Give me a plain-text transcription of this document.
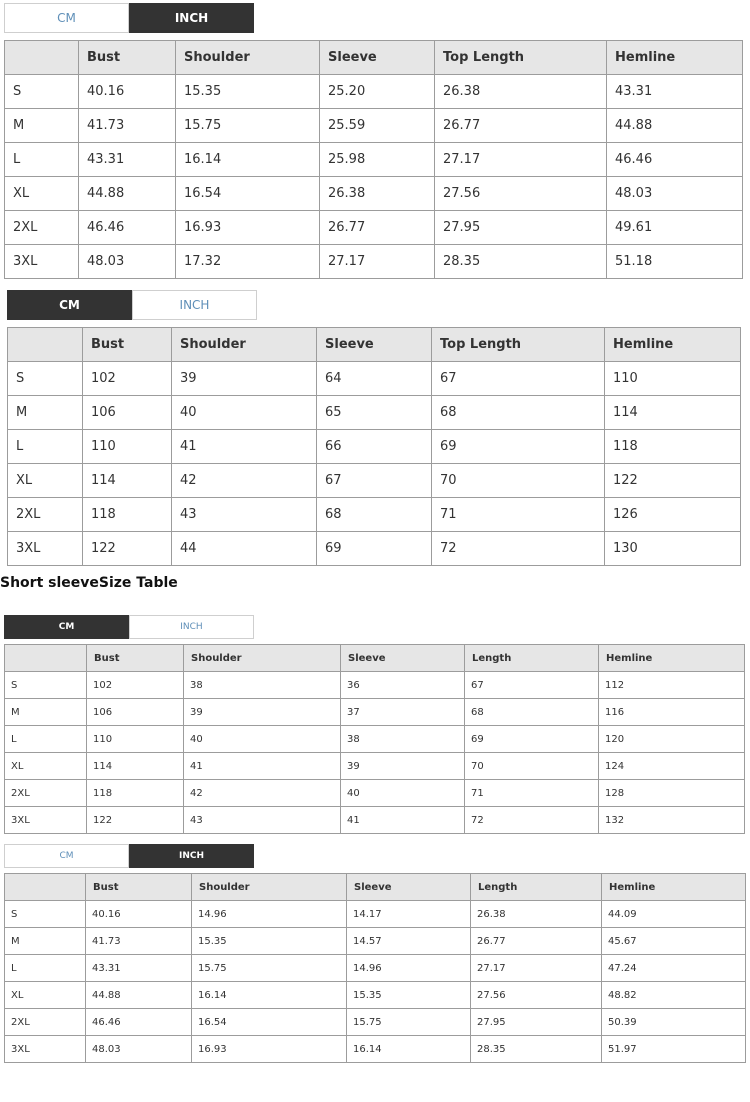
CM	INCH
	Bust	Shoulder	Sleeve	Top Length	Hemline
S	40.16	15.35	25.20	26.38	43.31
M	41.73	15.75	25.59	26.77	44.88
L	43.31	16.14	25.98	27.17	46.46
XL	44.88	16.54	26.38	27.56	48.03
2XL	46.46	16.93	26.77	27.95	49.61
3XL	48.03	17.32	27.17	28.35	51.18
CM	INCH
	Bust	Shoulder	Sleeve	Top Length	Hemline
S	102	39	64	67	110
M	106	40	65	68	114
L	110	41	66	69	118
XL	114	42	67	70	122
2XL	118	43	68	71	126
3XL	122	44	69	72	130
Short sleeveSize Table
CM	INCH
	Bust	Shoulder	Sleeve	Length	Hemline
S	102	38	36	67	112
M	106	39	37	68	116
L	110	40	38	69	120
XL	114	41	39	70	124
2XL	118	42	40	71	128
3XL	122	43	41	72	132
CM	INCH
	Bust	Shoulder	Sleeve	Length	Hemline
S	40.16	14.96	14.17	26.38	44.09
M	41.73	15.35	14.57	26.77	45.67
L	43.31	15.75	14.96	27.17	47.24
XL	44.88	16.14	15.35	27.56	48.82
2XL	46.46	16.54	15.75	27.95	50.39
3XL	48.03	16.93	16.14	28.35	51.97
